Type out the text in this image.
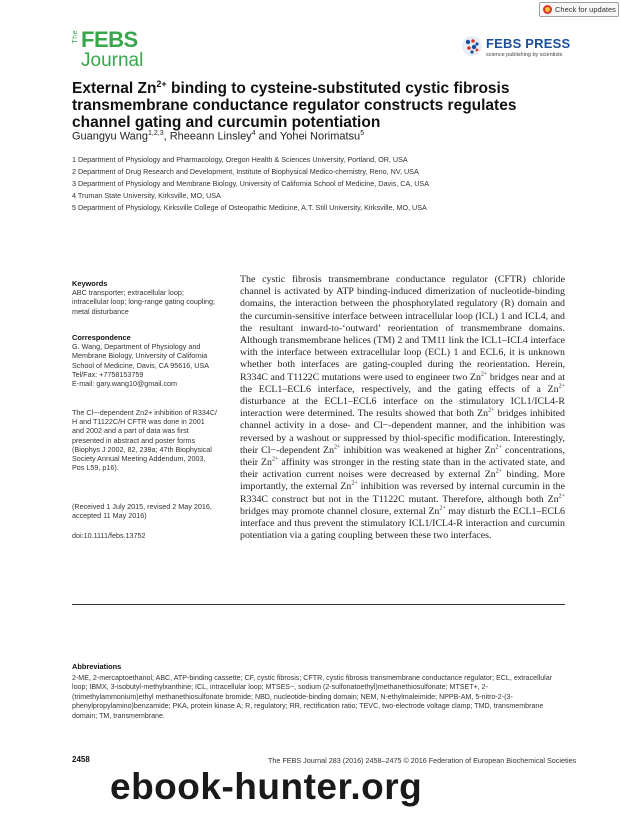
Check for updates
The FEBS
Journal
FEBS PRESS
science publishing by scientists
External $Zn^{2+}$ binding to cysteine-substituted cystic fibrosis transmembrane conductance regulator constructs regulates channel gating and curcumin potentiation
Guangyu Wang$^{1,2,3}$, Rheeann Linsley$^4$ and Yohei Norimatsu$^5$
1 Department of Physiology and Pharmacology, Oregon Health & Sciences University, Portland, OR, USA
2 Department of Drug Research and Development, Institute of Biophysical Medico-chemistry, Reno, NV, USA
3 Department of Physiology and Membrane Biology, University of California School of Medicine, Davis, CA, USA
4 Truman State University, Kirksville, MO, USA
5 Department of Physiology, Kirksville College of Osteopathic Medicine, A.T. Still University, Kirksville, MO, USA

Keywords

ABC transporter; extracellular loop;

intracellular loop; long-range gating coupling;

metal disturbance

Correspondence

G. Wang, Department of Physiology and

Membrane Biology, University of California

School of Medicine, Davis, CA 95616, USA

Tel/Fax: +7758153759

E-mail: gary.wang10@gmail.com

The Cl−-dependent Zn2+ inhibition of R334C/

H and T1122C/H CFTR was done in 2001

and 2002 and a part of data was first

presented in abstract and poster forms

(Biophys J 2002, 82, 239a; 47th Biophysical

Society Annual Meeting Addendum, 2003,

Pos L59, p16).

(Received 1 July 2015, revised 2 May 2016,

accepted 11 May 2016)

doi:10.1111/febs.13752

The cystic fibrosis transmembrane conductance regulator (CFTR) chloride channel is activated by ATP binding-induced dimerization of nucleotide-binding domains, the interaction between the phosphorylated regulatory (R) domain and the curcumin-sensitive interface between intracellular loop (ICL) 1 and ICL4, and the resultant inward-to-‘outward’ reorientation of transmembrane domains. Although transmembrane helices (TM) 2 and TM11 link the ICL1–ICL4 interface with the interface between extracellular loop (ECL) 1 and ECL6, it is unknown whether both interfaces are gating-coupled during the reorientation. Herein, R334C and T1122C mutations were used to engineer two $Zn^{2+}$ bridges near and at the ECL1–ECL6 interface, respectively, and the gating effects of a $Zn^{2+}$ disturbance at the ECL1–ECL6 interface on the stimulatory ICL1/ICL4-R interaction were determined. The results showed that both $Zn^{2+}$ bridges inhibited channel activity in a dose- and Cl−-dependent manner, and the inhibition was reversed by a washout or suppressed by thiol-specific modification. Interestingly, their Cl−-dependent $Zn^{2+}$ inhibition was weakened at higher $Zn^{2+}$ concentrations, their $Zn^{2+}$ affinity was stronger in the resting state than in the activated state, and their activation current noises were decreased by external $Zn^{2+}$ binding. More importantly, the external $Zn^{2+}$ inhibition was reversed by internal curcumin in the R334C construct but not in the T1122C mutant. Therefore, although both $Zn^{2+}$ bridges may promote channel closure, external $Zn^{2+}$ may disturb the ECL1–ECL6 interface and thus prevent the stimulatory ICL1/ICL4-R interaction and curcumin potentiation via a gating coupling between these two interfaces.

Abbreviations

2-ME, 2-mercaptoethanol; ABC, ATP-binding cassette; CF, cystic fibrosis; CFTR, cystic fibrosis transmembrane conductance regulator; ECL, extracellular loop; IBMX, 3-isobutyl-methylxanthine; ICL, intracellular loop; MTSES−, sodium (2-sulfonatoethyl)methanethiosulfonate; MTSET+, 2-(trimethylammonium)ethyl methanethiosulfonate bromide; NBD, nucleotide-binding domain; NEM, N-ethylmaleimide; NPPB-AM, 5-nitro-2-(3-phenylpropylamino)benzamide; PKA, protein kinase A; R, regulatory; RR, rectification ratio; TEVC, two-electrode voltage clamp; TMD, transmembrane domain; TM, transmembrane.

2458	The FEBS Journal 283 (2016) 2458–2475 © 2016 Federation of European Biochemical Societies
ebook-hunter.org
